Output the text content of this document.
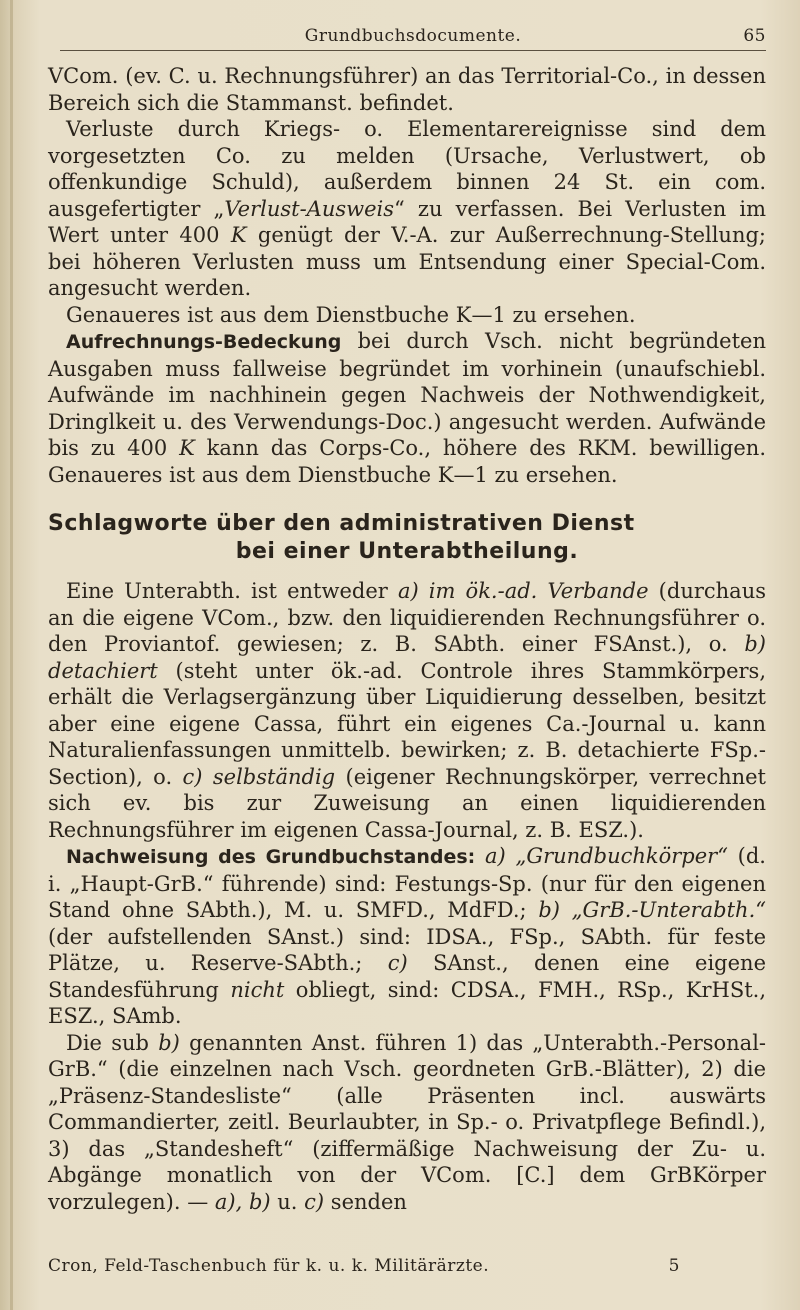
Grundbuchsdocumente.	65

VCom. (ev. C. u. Rechnungsführer) an das Territorial-Co., in dessen Bereich sich die Stammanst. befindet.

Verluste durch Kriegs- o. Elementarereignisse sind dem vorgesetzten Co. zu melden (Ursache, Verlustwert, ob offenkundige Schuld), außerdem binnen 24 St. ein com. ausgefertigter „Verlust-Ausweis“ zu verfassen. Bei Verlusten im Wert unter 400 K genügt der V.-A. zur Außerrechnung-Stellung; bei höheren Verlusten muss um Entsendung einer Special-Com. angesucht werden.

Genaueres ist aus dem Dienstbuche K—1 zu ersehen.

Aufrechnungs-Bedeckung bei durch Vsch. nicht begründeten Ausgaben muss fallweise begründet im vorhinein (unaufschiebl. Aufwände im nachhinein gegen Nachweis der Nothwendigkeit, Dringlkeit u. des Verwendungs-Doc.) angesucht werden. Aufwände bis zu 400 K kann das Corps-Co., höhere des RKM. bewilligen. Genaueres ist aus dem Dienstbuche K—1 zu ersehen.

Schlagworte über den administrativen Dienst
bei einer Unterabtheilung.

Eine Unterabth. ist entweder a) im ök.-ad. Verbande (durchaus an die eigene VCom., bzw. den liquidierenden Rechnungsführer o. den Proviantof. gewiesen; z. B. SAbth. einer FSAnst.), o. b) detachiert (steht unter ök.-ad. Controle ihres Stammkörpers, erhält die Verlagsergänzung über Liquidierung desselben, besitzt aber eine eigene Cassa, führt ein eigenes Ca.-Journal u. kann Naturalienfassungen unmittelb. bewirken; z. B. detachierte FSp.-Section), o. c) selbständig (eigener Rechnungskörper, verrechnet sich ev. bis zur Zuweisung an einen liquidierenden Rechnungsführer im eigenen Cassa-Journal, z. B. ESZ.).

Nachweisung des Grundbuchstandes: a) „Grundbuchkörper“ (d. i. „Haupt-GrB.“ führende) sind: Festungs-Sp. (nur für den eigenen Stand ohne SAbth.), M. u. SMFD., MdFD.; b) „GrB.-Unterabth.“ (der aufstellenden SAnst.) sind: IDSA., FSp., SAbth. für feste Plätze, u. Reserve-SAbth.; c) SAnst., denen eine eigene Standesführung nicht obliegt, sind: CDSA., FMH., RSp., KrHSt., ESZ., SAmb.

Die sub b) genannten Anst. führen 1) das „Unterabth.-Personal-GrB.“ (die einzelnen nach Vsch. geordneten GrB.-Blätter), 2) die „Präsenz-Standesliste“ (alle Präsenten incl. auswärts Commandierter, zeitl. Beurlaubter, in Sp.- o. Privatpflege Befindl.), 3) das „Standesheft“ (ziffermäßige Nachweisung der Zu- u. Abgänge monatlich von der VCom. [C.] dem GrBKörper vorzulegen). — a), b) u. c) senden

Cron, Feld-Taschenbuch für k. u. k. Militärärzte.	5
